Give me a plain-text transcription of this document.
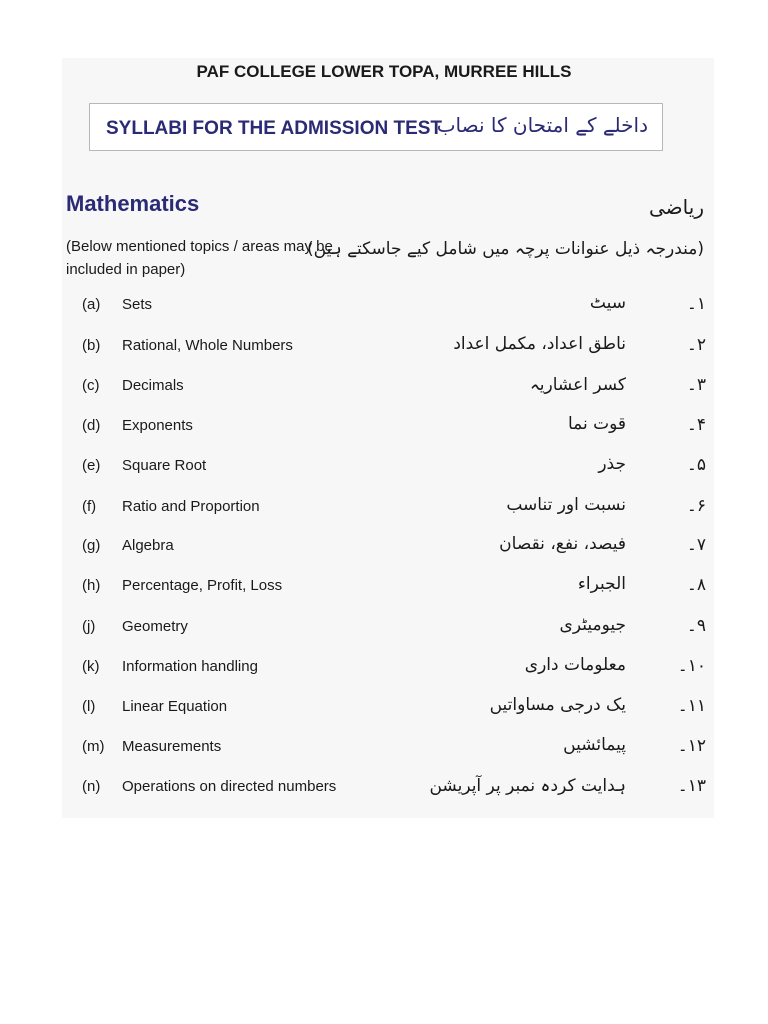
PAF COLLEGE LOWER TOPA, MURREE HILLS
SYLLABI FOR THE ADMISSION TEST
داخلے کے امتحان کا نصاب
Mathematics	ریاضی
(Below mentioned topics / areas may be included in paper)
(مندرجہ ذیل عنوانات پرچہ میں شامل کیے جاسکتے ہیں)
(a) Sets	سیٹ	۱۔
(b) Rational, Whole Numbers	ناطق اعداد، مکمل اعداد	۲۔
(c) Decimals	کسر اعشاریہ	۳۔
(d) Exponents	قوت نما	۴۔
(e) Square Root	جذر	۵۔
(f) Ratio and Proportion	نسبت اور تناسب	۶۔
(g) Algebra	فیصد، نفع، نقصان	۷۔
(h) Percentage, Profit, Loss	الجبراء	۸۔
(j) Geometry	جیومیٹری	۹۔
(k) Information handling	معلومات داری	۱۰۔
(l) Linear Equation	یک درجی مساواتیں	۱۱۔
(m) Measurements	پیمائشیں	۱۲۔
(n) Operations on directed numbers	ہدایت کردہ نمبر پر آپریشن	۱۳۔
